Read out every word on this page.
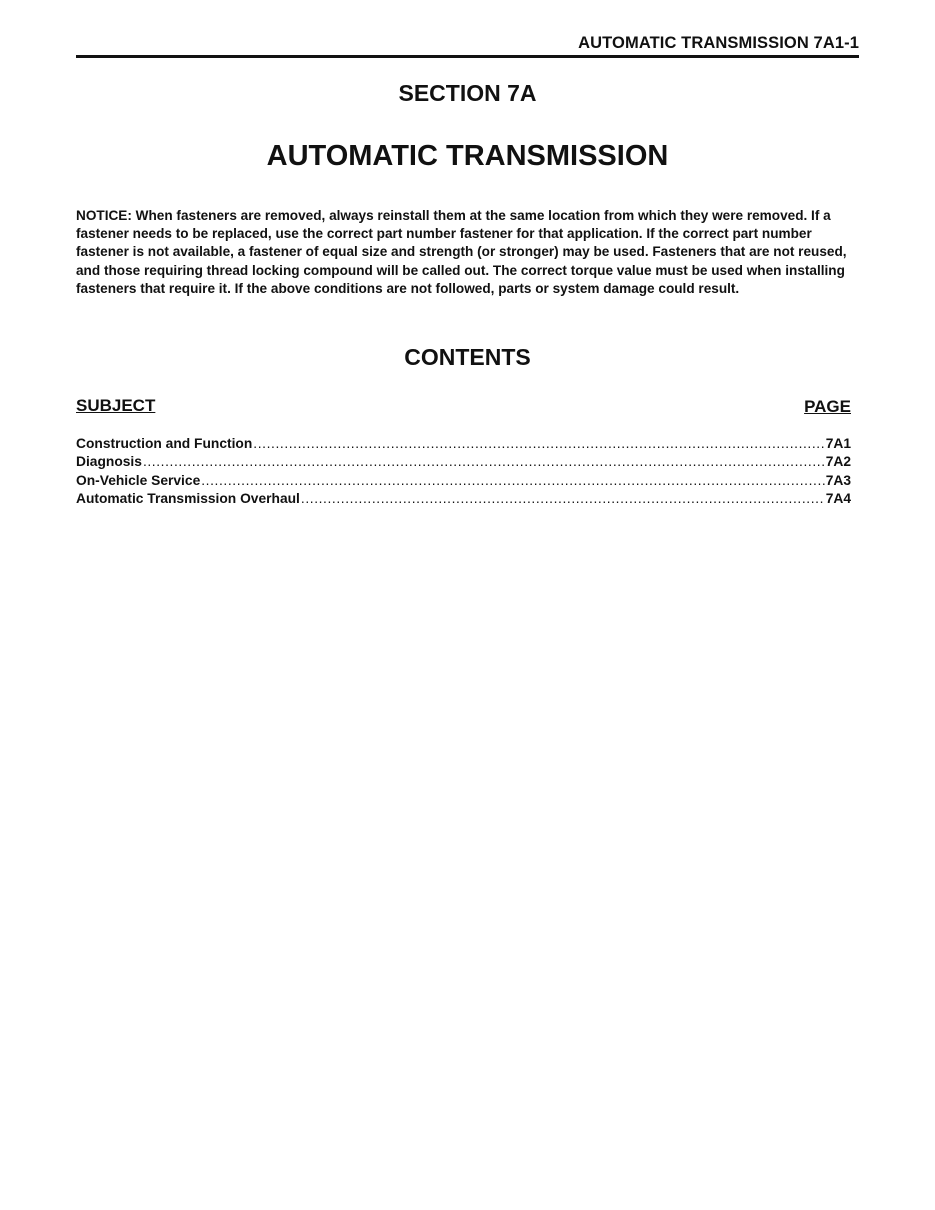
AUTOMATIC TRANSMISSION 7A1-1
SECTION 7A
AUTOMATIC TRANSMISSION
NOTICE: When fasteners are removed, always reinstall them at the same location from which they were removed. If a fastener needs to be replaced, use the correct part number fastener for that application. If the correct part number fastener is not available, a fastener of equal size and strength (or stronger) may be used. Fasteners that are not reused, and those requiring thread locking compound will be called out. The correct torque value must be used when installing fasteners that require it. If the above conditions are not followed, parts or system damage could result.
CONTENTS
SUBJECT	PAGE
Construction and Function .....	7A1
Diagnosis .....	7A2
On-Vehicle Service .....	7A3
Automatic Transmission Overhaul .....	7A4
